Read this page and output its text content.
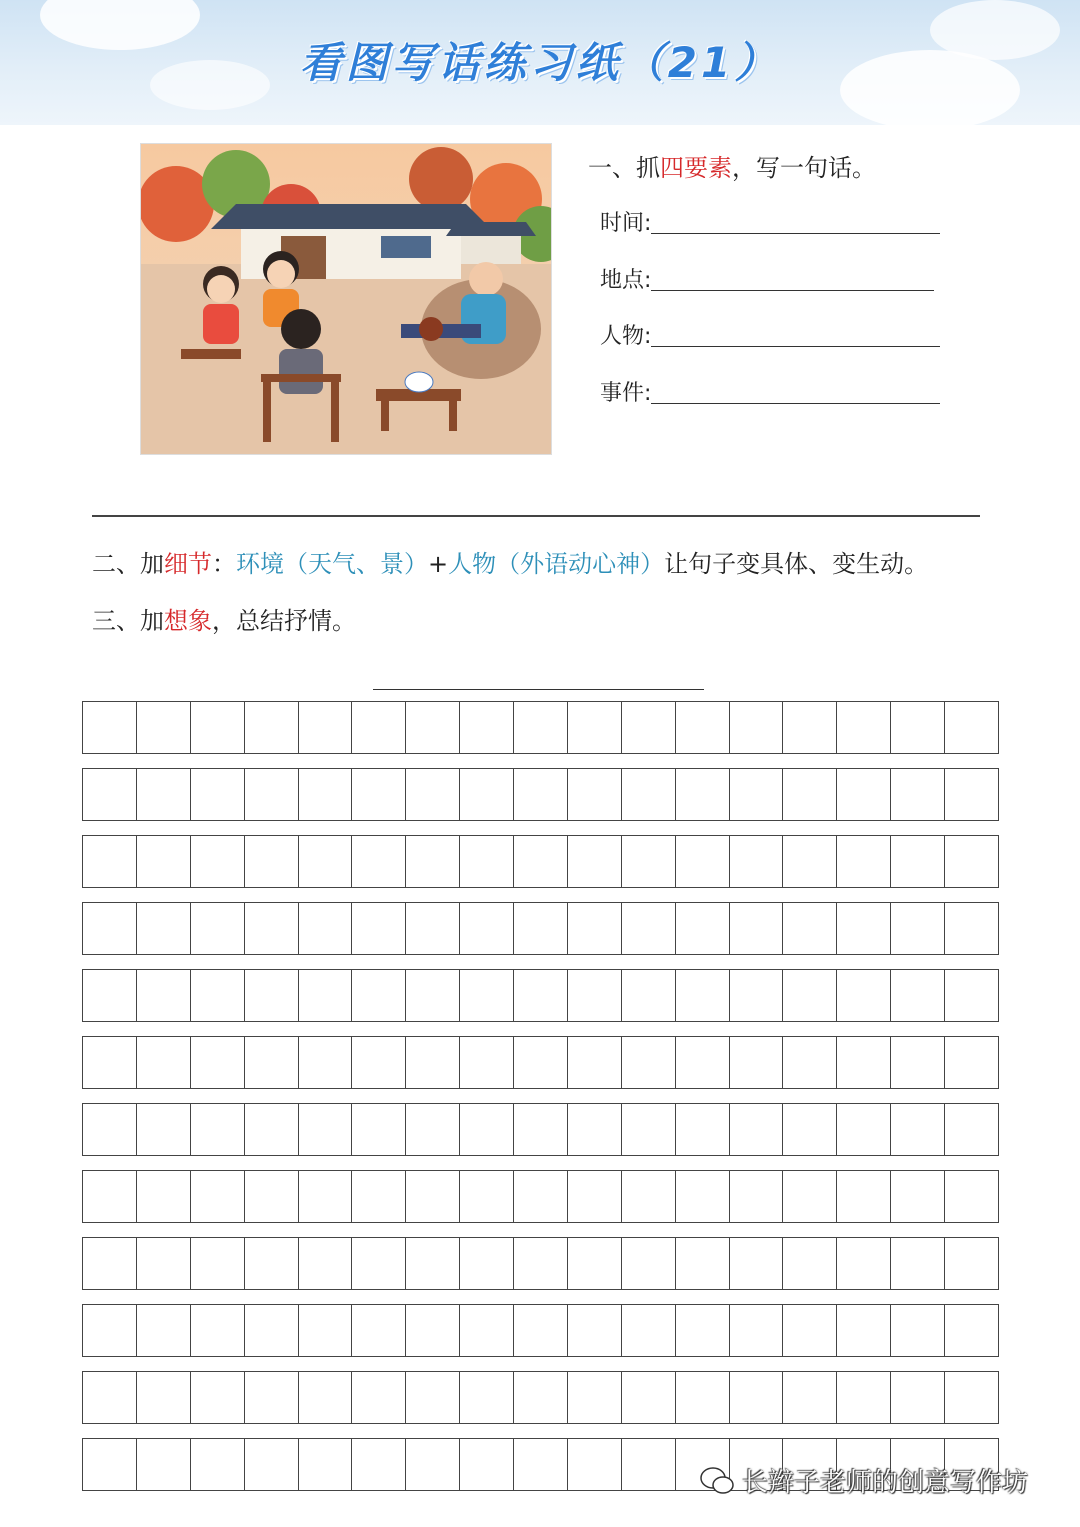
看图写话练习纸（21）
一、抓四要素，写一句话。
时间:
地点:
人物:
事件:
二、加细节：环境（天气、景）+人物（外语动心神）让句子变具体、变生动。
三、加想象，总结抒情。
长辫子老师的创意写作坊
